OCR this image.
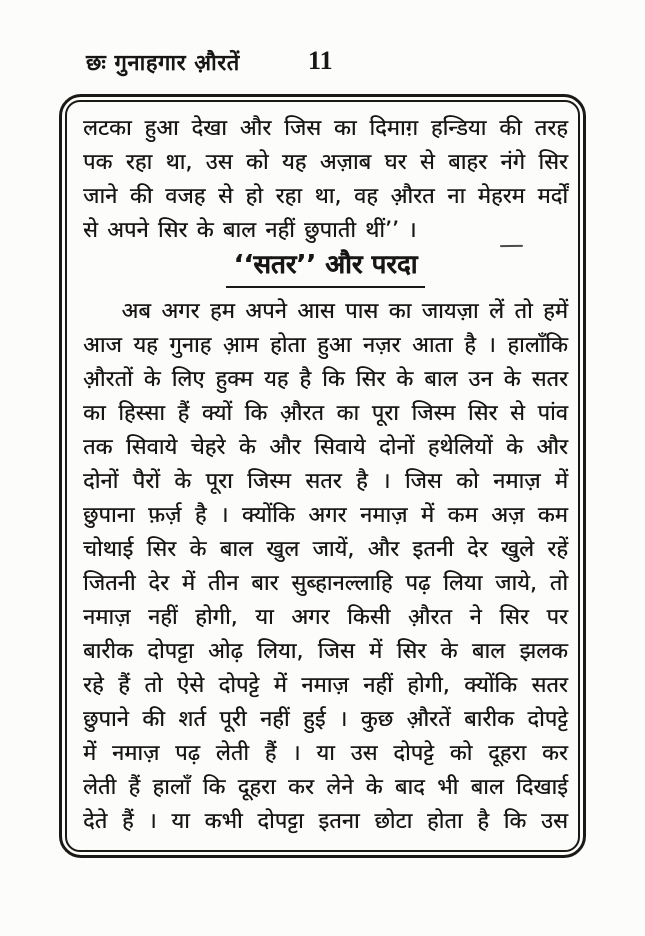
छः गुनाहगार औ़रतें	11
लटका हुआ देखा और जिस का दिमाग़ हन्डिया की तरह
पक रहा था, उस को यह अज़ाब घर से बाहर नंगे सिर
जाने की वजह से हो रहा था, वह औ़रत ना मेहरम मर्दों
से अपने सिर के बाल नहीं छुपाती थीं’’ ।
‘‘सतर’’ और परदा
अब अगर हम अपने आस पास का जायज़ा लें तो हमें
आज यह गुनाह आ़म होता हुआ नज़र आता है । हालाँकि
औ़रतों के लिए हुक्म यह है कि सिर के बाल उन के सतर
का हिस्सा हैं क्यों कि औ़रत का पूरा जिस्म सिर से पांव
तक सिवाये चेहरे के और सिवाये दोनों हथेलियों के और
दोनों पैरों के पूरा जिस्म सतर है । जिस को नमाज़ में
छुपाना फ़र्ज़ है । क्योंकि अगर नमाज़ में कम अज़ कम
चोथाई सिर के बाल खुल जायें, और इतनी देर खुले रहें
जितनी देर में तीन बार सुब्हानल्लाहि पढ़ लिया जाये, तो
नमाज़ नहीं होगी, या अगर किसी औ़रत ने सिर पर
बारीक दोपट्टा ओढ़ लिया, जिस में सिर के बाल झलक
रहे हैं तो ऐसे दोपट्टे में नमाज़ नहीं होगी, क्योंकि सतर
छुपाने की शर्त पूरी नहीं हुई । कुछ औ़रतें बारीक दोपट्टे
में नमाज़ पढ़ लेती हैं । या उस दोपट्टे को दूहरा कर
लेती हैं हालाँ कि दूहरा कर लेने के बाद भी बाल दिखाई
देते हैं । या कभी दोपट्टा इतना छोटा होता है कि उस
